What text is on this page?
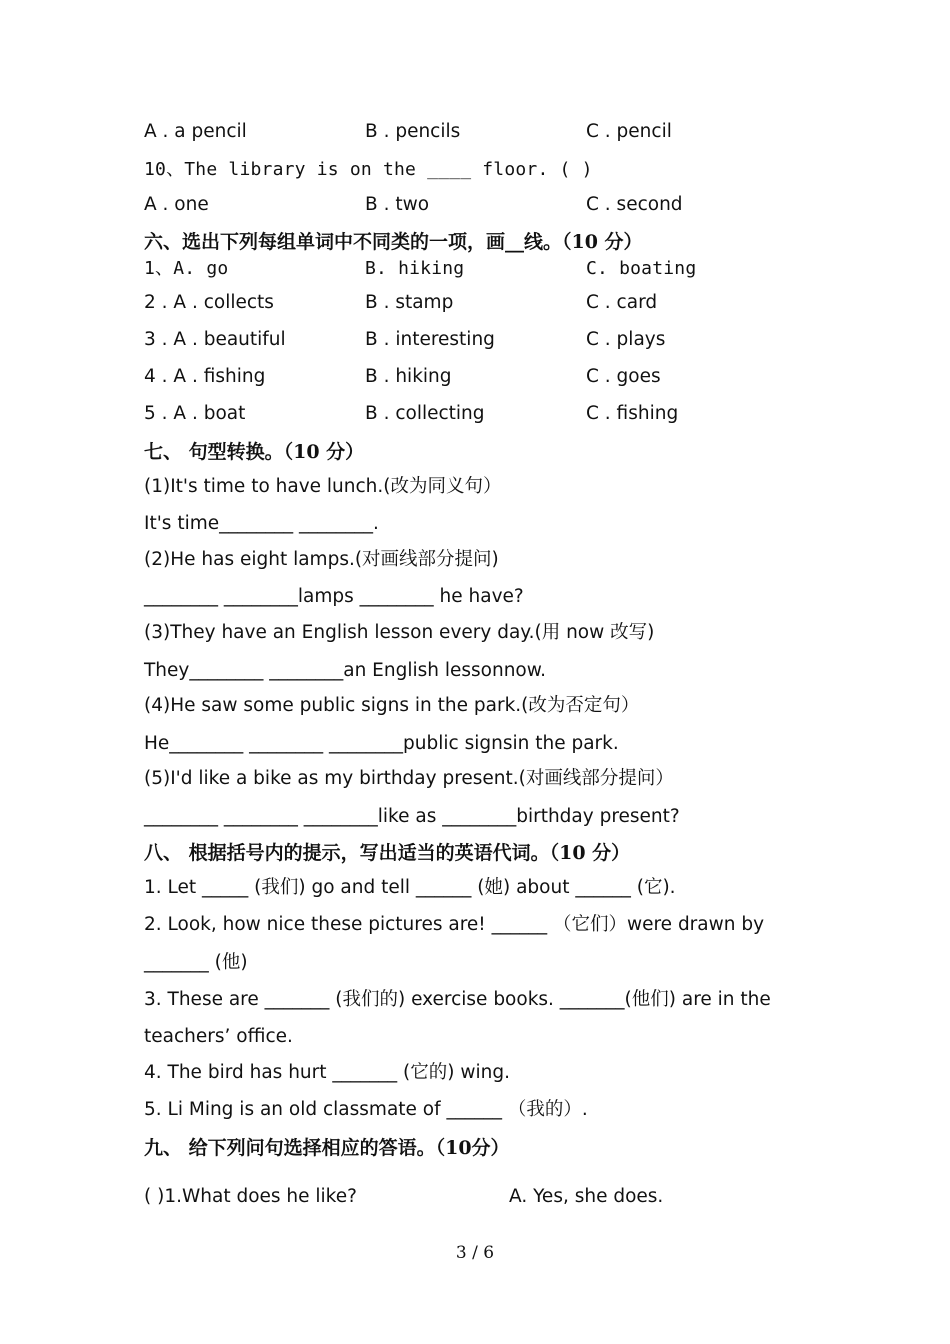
A . a pencil	B . pencils	C . pencil
10、The library is on the ____ floor. ( )
A . one	B . two	C . second
六、选出下列每组单词中不同类的一项，画__线。（10 分）
1、A. go	B. hiking	C. boating
2 . A . collects	B . stamp	C . card
3 . A . beautiful	B . interesting	C . plays
4 . A . fishing	B . hiking	C . goes
5 . A . boat	B . collecting	C . fishing
七、 句型转换。（10 分）
(1)It's time to have lunch.(改为同义句）
It's time________ ________.
(2)He has eight lamps.(对画线部分提问)
________ ________lamps ________ he have?
(3)They have an English lesson every day.(用 now 改写)
They________ ________an English lessonnow.
(4)He saw some public signs in the park.(改为否定句）
He________ ________ ________public signsin the park.
(5)I'd like a bike as my birthday present.(对画线部分提问）
________ ________ ________like as ________birthday present?
八、 根据括号内的提示，写出适当的英语代词。（10 分）
1. Let _____ (我们) go and tell ______ (她) about ______ (它).
2. Look, how nice these pictures are! ______ （它们）were drawn by
_______ (他)
3. These are _______ (我们的) exercise books. _______(他们) are in the
teachers’ office.
4. The bird has hurt _______ (它的) wing.
5. Li Ming is an old classmate of ______ （我的）.
九、 给下列问句选择相应的答语。（10分）
( )1.What does he like?	A. Yes, she does.
3 / 6
